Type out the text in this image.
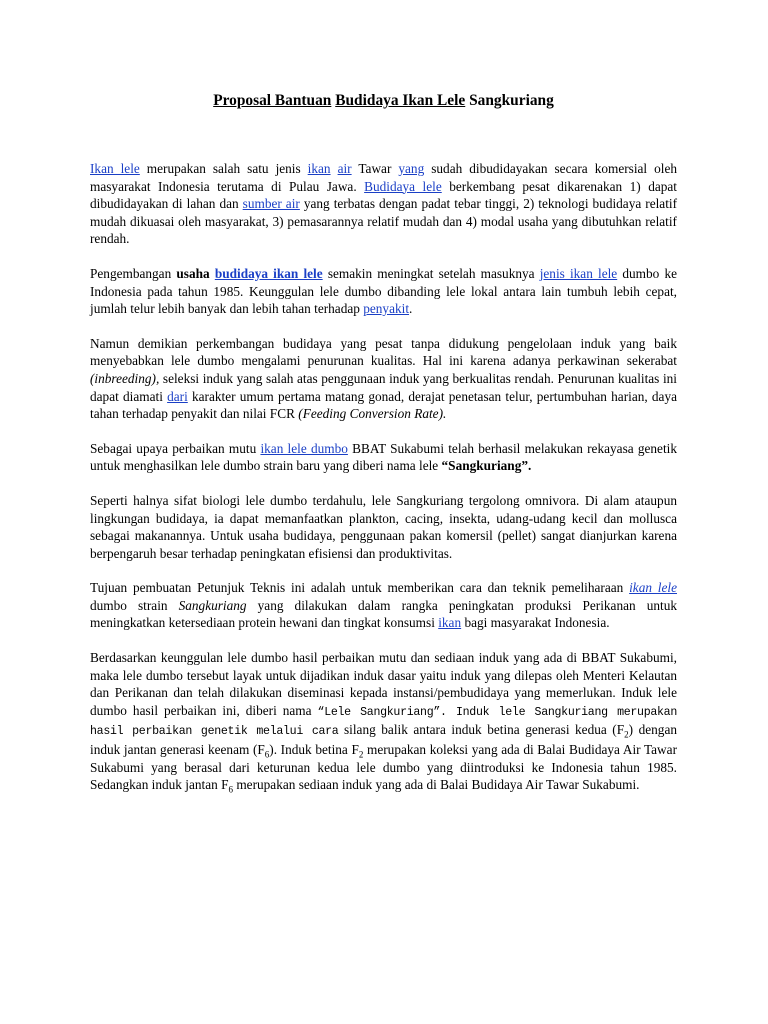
Proposal Bantuan Budidaya Ikan Lele Sangkuriang

Ikan lele merupakan salah satu jenis ikan air Tawar yang sudah dibudidayakan secara komersial oleh masyarakat Indonesia terutama di Pulau Jawa. Budidaya lele berkembang pesat dikarenakan 1) dapat dibudidayakan di lahan dan sumber air yang terbatas dengan padat tebar tinggi, 2) teknologi budidaya relatif mudah dikuasai oleh masyarakat, 3) pemasarannya relatif mudah dan 4) modal usaha yang dibutuhkan relatif rendah.

Pengembangan usaha budidaya ikan lele semakin meningkat setelah masuknya jenis ikan lele dumbo ke Indonesia pada tahun 1985. Keunggulan lele dumbo dibanding lele lokal antara lain tumbuh lebih cepat, jumlah telur lebih banyak dan lebih tahan terhadap penyakit.

Namun demikian perkembangan budidaya yang pesat tanpa didukung pengelolaan induk yang baik menyebabkan lele dumbo mengalami penurunan kualitas. Hal ini karena adanya perkawinan sekerabat (inbreeding), seleksi induk yang salah atas penggunaan induk yang berkualitas rendah. Penurunan kualitas ini dapat diamati dari karakter umum pertama matang gonad, derajat penetasan telur, pertumbuhan harian, daya tahan terhadap penyakit dan nilai FCR (Feeding Conversion Rate).

Sebagai upaya perbaikan mutu ikan lele dumbo BBAT Sukabumi telah berhasil melakukan rekayasa genetik untuk menghasilkan lele dumbo strain baru yang diberi nama lele “Sangkuriang”.

Seperti halnya sifat biologi lele dumbo terdahulu, lele Sangkuriang tergolong omnivora. Di alam ataupun lingkungan budidaya, ia dapat memanfaatkan plankton, cacing, insekta, udang-udang kecil dan mollusca sebagai makanannya. Untuk usaha budidaya, penggunaan pakan komersil (pellet) sangat dianjurkan karena berpengaruh besar terhadap peningkatan efisiensi dan produktivitas.

Tujuan pembuatan Petunjuk Teknis ini adalah untuk memberikan cara dan teknik pemeliharaan ikan lele dumbo strain Sangkuriang yang dilakukan dalam rangka peningkatan produksi Perikanan untuk meningkatkan ketersediaan protein hewani dan tingkat konsumsi ikan bagi masyarakat Indonesia.

Berdasarkan keunggulan lele dumbo hasil perbaikan mutu dan sediaan induk yang ada di BBAT Sukabumi, maka lele dumbo tersebut layak untuk dijadikan induk dasar yaitu induk yang dilepas oleh Menteri Kelautan dan Perikanan dan telah dilakukan diseminasi kepada instansi/pembudidaya yang memerlukan. Induk lele dumbo hasil perbaikan ini, diberi nama “Lele Sangkuriang”. Induk lele Sangkuriang merupakan hasil perbaikan genetik melalui cara silang balik antara induk betina generasi kedua $(F_2)$ dengan induk jantan generasi keenam $(F_6)$. Induk betina $F_2$ merupakan koleksi yang ada di Balai Budidaya Air Tawar Sukabumi yang berasal dari keturunan kedua lele dumbo yang diintroduksi ke Indonesia tahun 1985. Sedangkan induk jantan $F_6$ merupakan sediaan induk yang ada di Balai Budidaya Air Tawar Sukabumi.
